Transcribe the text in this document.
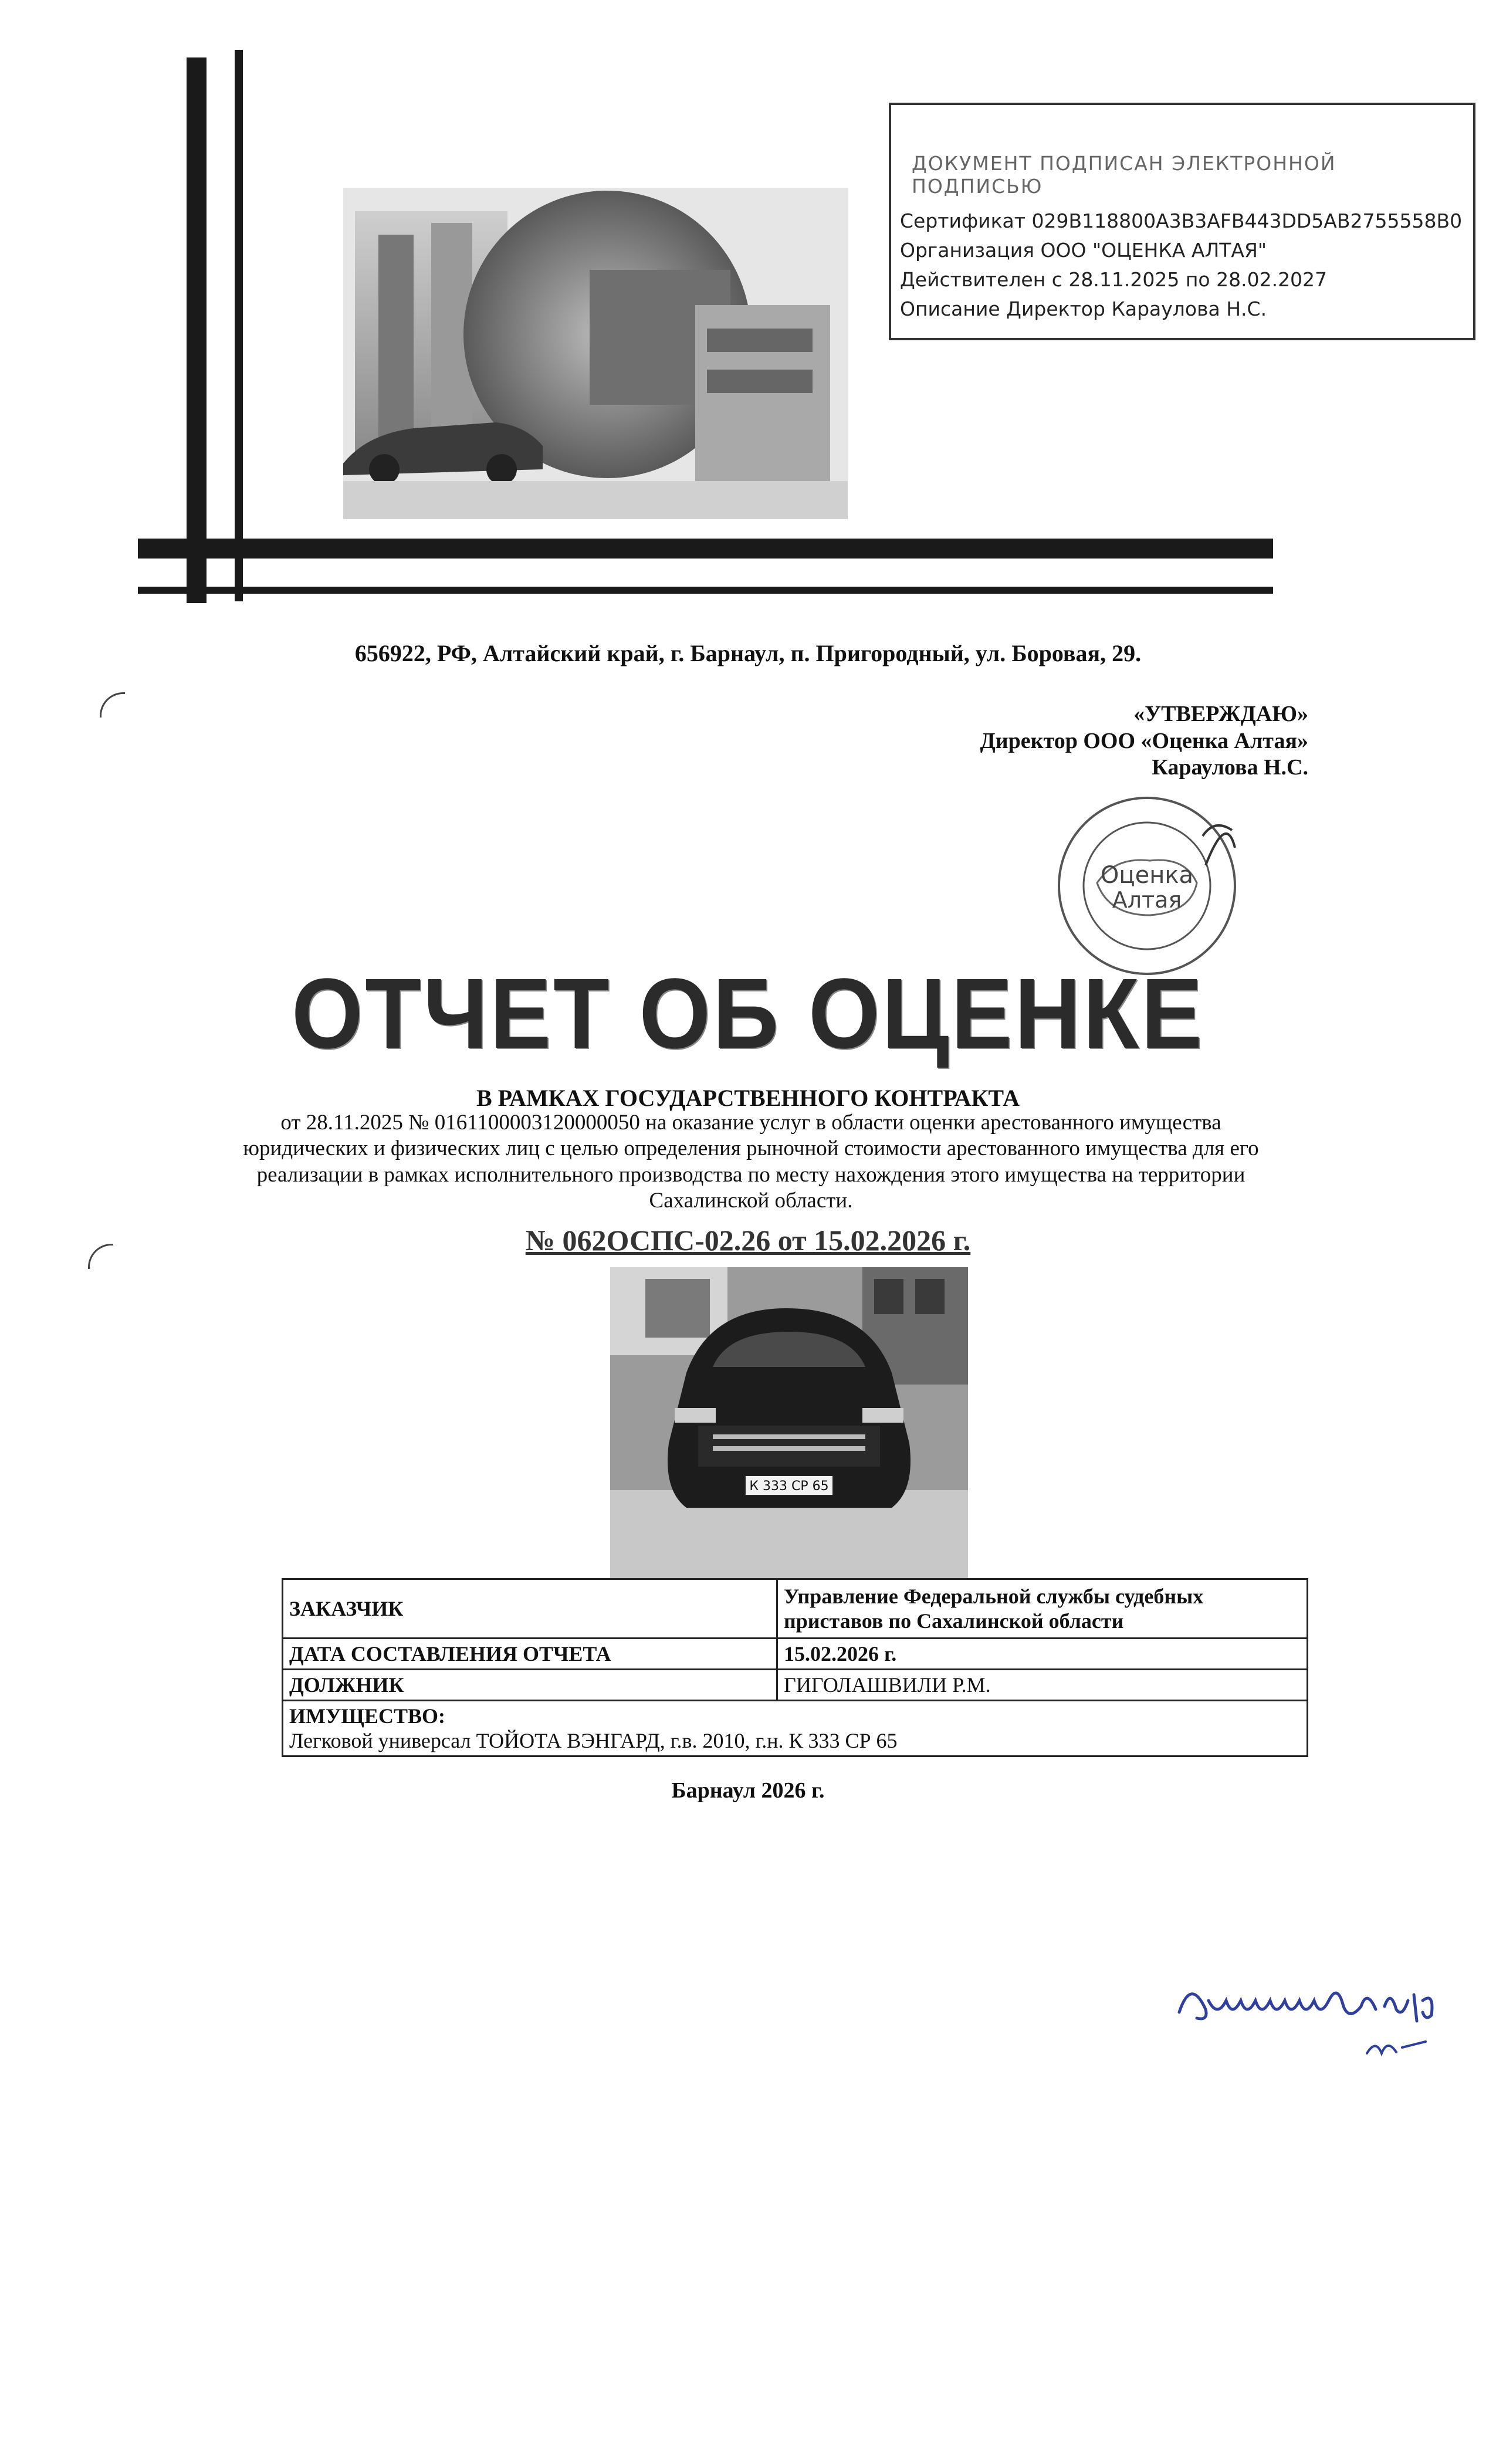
ДОКУМЕНТ ПОДПИСАН ЭЛЕКТРОННОЙ ПОДПИСЬЮ
Сертификат 029B118800A3B3AFB443DD5AB2755558B0
Организация ООО "ОЦЕНКА АЛТАЯ"
Действителен с 28.11.2025 по 28.02.2027
Описание Директор Караулова Н.С.
656922, РФ, Алтайский край, г. Барнаул, п. Пригородный, ул. Боровая, 29.
«УТВЕРЖДАЮ»
Директор ООО «Оценка Алтая»
Караулова Н.С.
Оценка
Алтая
ОТЧЕТ ОБ ОЦЕНКЕ
В РАМКАХ ГОСУДАРСТВЕННОГО КОНТРАКТА
от 28.11.2025 № 0161100003120000050 на оказание услуг в области оценки арестованного имущества юридических и физических лиц с целью определения рыночной стоимости арестованного имущества для его реализации в рамках исполнительного производства по месту нахождения этого имущества на территории Сахалинской области.
№ 062ОСПС-02.26 от 15.02.2026 г.
К 333 СР 65
ЗАКАЗЧИК	Управление Федеральной службы судебных приставов по Сахалинской области
ДАТА СОСТАВЛЕНИЯ ОТЧЕТА	15.02.2026 г.
ДОЛЖНИК	ГИГОЛАШВИЛИ Р.М.

ИМУЩЕСТВО:
Легковой универсал ТОЙОТА ВЭНГАРД, г.в. 2010, г.н. К 333 СР 65	
Барнаул 2026 г.
